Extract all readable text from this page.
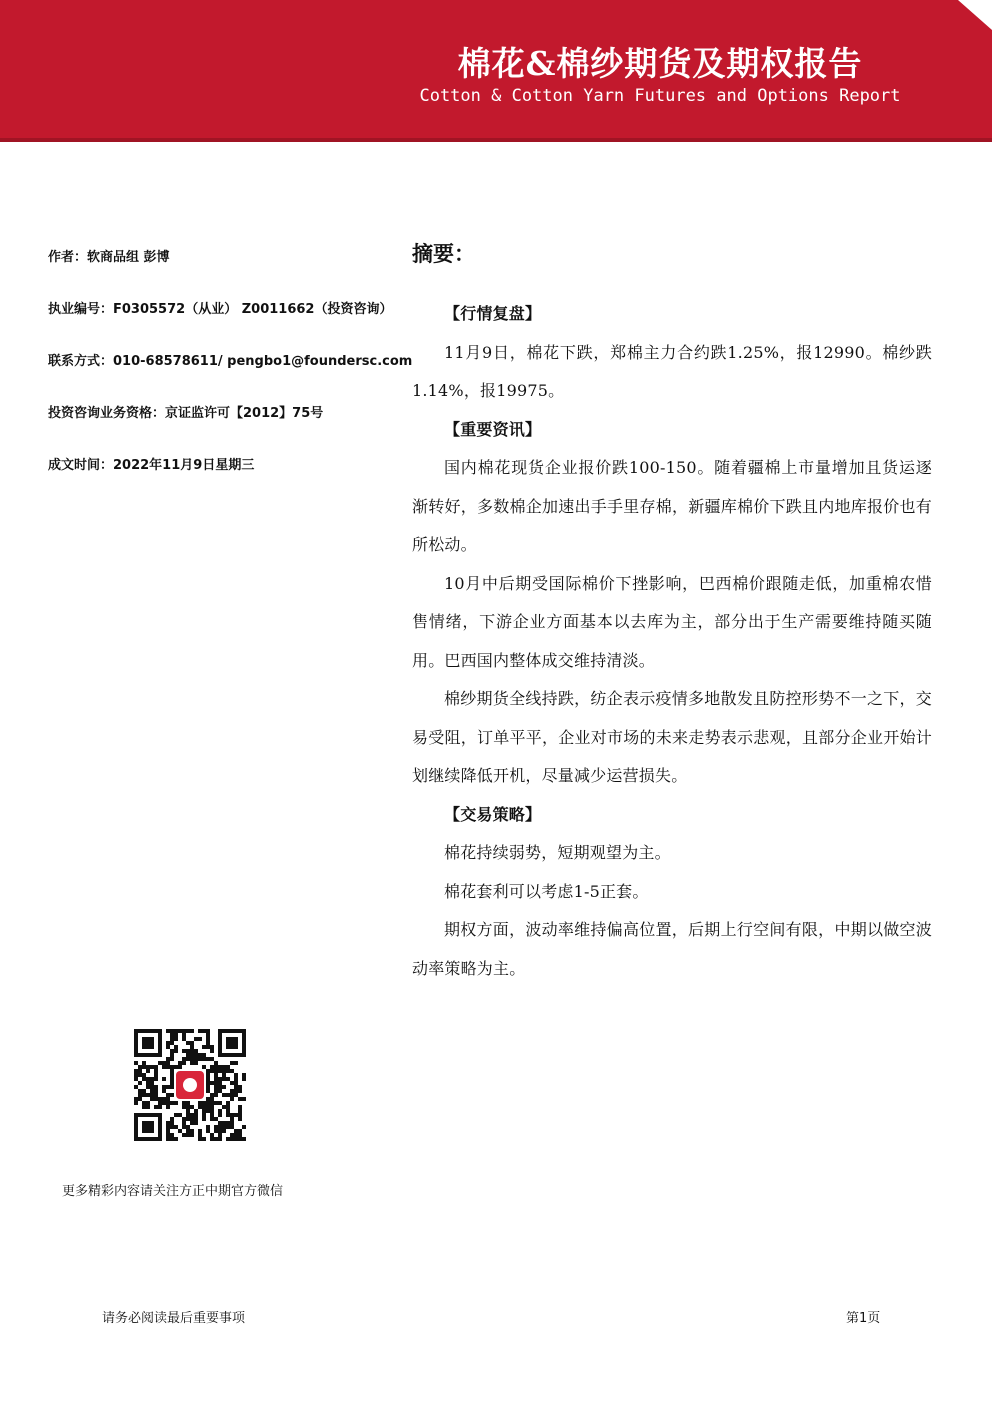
棉花&棉纱期货及期权报告
Cotton & Cotton Yarn Futures and Options Report
作者：软商品组 彭博
执业编号：F0305572（从业） Z0011662（投资咨询）
联系方式：010-68578611/ pengbo1@foundersc.com
投资咨询业务资格：京证监许可【2012】75号
成文时间：2022年11月9日星期三
摘要：
【行情复盘】

11月9日，棉花下跌，郑棉主力合约跌1.25%，报12990。棉纱跌1.14%，报19975。

【重要资讯】

国内棉花现货企业报价跌100-150。随着疆棉上市量增加且货运逐渐转好，多数棉企加速出手手里存棉，新疆库棉价下跌且内地库报价也有所松动。

10月中后期受国际棉价下挫影响，巴西棉价跟随走低，加重棉农惜售情绪，下游企业方面基本以去库为主，部分出于生产需要维持随买随用。巴西国内整体成交维持清淡。

棉纱期货全线持跌，纺企表示疫情多地散发且防控形势不一之下，交易受阻，订单平平，企业对市场的未来走势表示悲观，且部分企业开始计划继续降低开机，尽量减少运营损失。

【交易策略】

棉花持续弱势，短期观望为主。

棉花套利可以考虑1-5正套。

期权方面，波动率维持偏高位置，后期上行空间有限，中期以做空波动率策略为主。

更多精彩内容请关注方正中期官方微信
请务必阅读最后重要事项	第1页
